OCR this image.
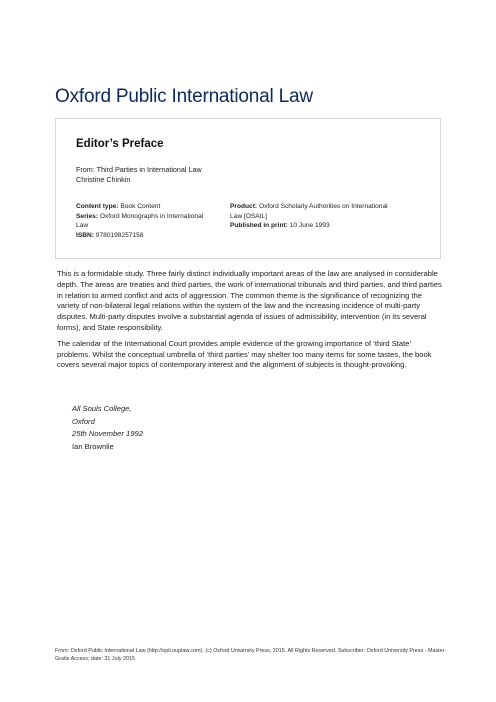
Oxford Public International Law
Editor’s Preface
From: Third Parties in International Law
Christine Chinkin
Content type: Book Content
Series: Oxford Monographs in International Law
ISBN: 9780198257158
Product: Oxford Scholarly Authorities on International Law [OSAIL]
Published in print: 10 June 1993

This is a formidable study. Three fairly distinct individually important areas of the law are analysed in considerable depth. The areas are treaties and third parties, the work of international tribunals and third parties, and third parties in relation to armed conflict and acts of aggression. The common theme is the significance of recognizing the variety of non-bilateral legal relations within the system of the law and the increasing incidence of multi-party disputes. Multi-party disputes involve a substantial agenda of issues of admissibility, intervention (in its several forms), and State responsibility.

The calendar of the International Court provides ample evidence of the growing importance of ‘third State’ problems. Whilst the conceptual umbrella of ‘third parties’ may shelter too many items for some tastes, the book covers several major topics of contemporary interest and the alignment of subjects is thought-provoking.

All Souls College,
Oxford
25th November 1992
Ian Brownlie
From: Oxford Public International Law (http://opil.ouplaw.com). (c) Oxford University Press, 2015. All Rights Reserved. Subscriber: Oxford University Press - Master Gratis Access; date: 31 July 2015
